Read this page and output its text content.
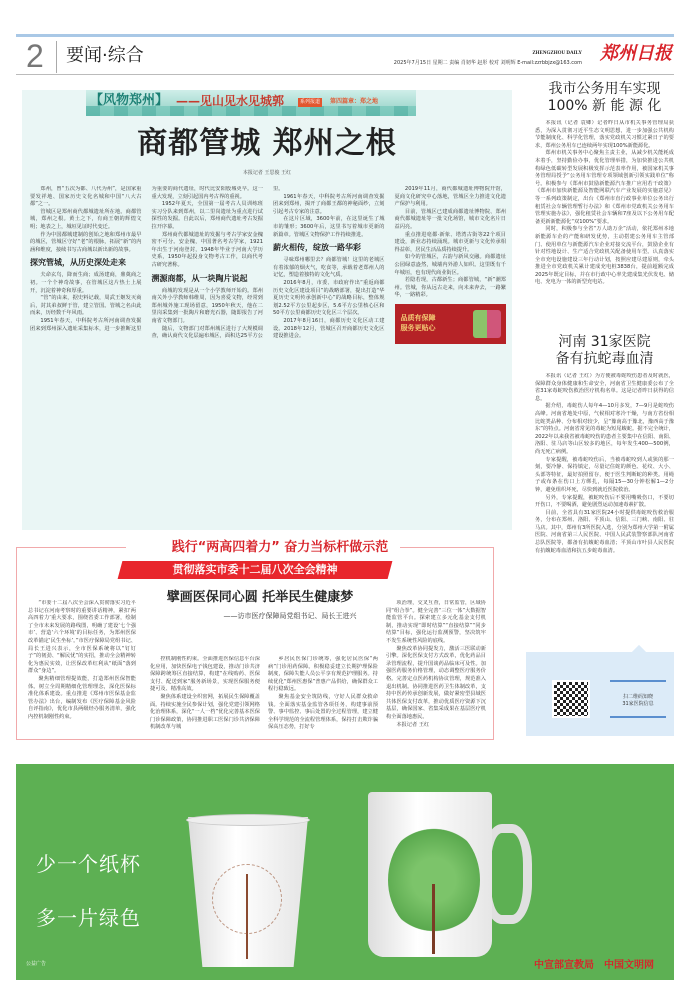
2 要闻·综合	ZHENGZHOU DAILY
2025年7月15日 星期二 责编 肖韧华 赵彤 校对 刘明辉 E-mail:zzrbbjzx@163.com 郑州日报
【风物郑州】 ——见山见水见城郭	系列报道	第四篇章：郑之地
商都管城 郑州之根
本报记者 王思俊 王红

郑州，曾“五次为都、八代为州”，是国家重要发祥地、国家历史文化名城和中国“八大古都”之一。

管城区是郑州商代都城遗址所在地。商都管城，郑州之根。黄土之下，有商王朝的辉煌文明；地表之上，城垣见证时代变迁。

作为中国都城建制的创始之地和郑州市最早的城区，管城区守好“老”的根脉，拓展“新”的内涵和维度，接续书写古商城以新出新的故事。

探究管城，从历史深处走来

夫命玄鸟，降而生商；成汤建商，鼎奠商之初。一个个神奇故事，在管城区这片热土上展开，沉淀着神奇和厚重。

“管”的由来，据史料记载，周武王姬发灭商后，封其弟叔鲜于管，建立管国。管城之名由此而来，历经数千年风雨。

1951年春天，中科院考古所河南调查发掘团来到郑州深入遗址采集标本，进一步推断这里为重要的商代遗址，时代比安阳殷墟更早。这一重大发现，立刻引起国内考古界的重视。

1952年夏天，全国第一届考古人员训练班实习分队来到郑州，以二里岗遗址为重点进行试探性的发掘。自此以后，郑州商代遗址考古发掘拉开序幕。

郑州商代都城遗址的发掘与考古学家安金槐密不可分。安金槐，中国著名考古学家，1921年出生于河南登封，1948年毕业于河南大学历史系，1950年起投身文物考古工作，以商代考古研究著称。

溯源商都，从一块陶片说起

商城的发现是从一个小学教师开始的。郑州南关外小学教师韩维周，因为喜爱文物，经常到郑州城外施工现场留意，1950年秋天，他在二里岗采集到一批陶片和磨光石器，随即报告了河南省文物部门。

随后，文物部门对郑州城区进行了大规模调查，确认商代文化层遍布城区，面积达25平方公里。

1961年春天，中科院考古所河南调查发掘团来到郑州，揭开了商都王都的神秘面纱，立刻引起考古专家的注意。

在这片区域，3600年前，在这里诞生了城市的雏形；3600年后，这里书写着城市更新的新篇章。管城区文物保护工作持续推进。

薪火相传，绽放一路华彩

寻味郑州哪里去？商都管城！这里的老城区有着浓郁的烟火气，吃食等，承载着老郑州人的记忆，塑造着独特的文化气质。

2016年8月，市委、市政府作出“重返商都历史文化区建设项目”的战略部署，提出打造“华夏历史文明传承创新中心”的战略目标，整体规划2.52平方公里起步区，5.6平方公里核心区和50平方公里商都历史文化区三个层次。

2017年8月16日，商都历史文化区动工建设。2018年12月，管城区召开商都历史文化区建设推进会。

2019年11月，商代都城遗址博物院开馆，夏商文化研究中心落地，管城区全力推进文化遗产保护与利用。

目前，管城区已建成商都遗址博物院、郑州商代都城遗址等一批文化场馆，城市文化名片日益闪亮。

重点推进亳都·新象、塔湾古街等22个项目建设，新业态持续涌现。城市更新与文化传承相得益彰，居民生活品质持续提升。

如今的管城区，古韵与新风交融。商都遗址公园绿意盎然，城墙内外游人如织。这里既有千年城垣，也有现代商业街区。

若隐若现，古都新生；商都管城，“新”潮郑州。管城，你从远古走来，向未来奔去，一路繁华，一路精彩。

品质有保障
服务更贴心
我市公务用车实现
100% 新 能 源 化

本报讯（记者 袁卿）记者昨日从市机关事务管理局获悉，为深入贯彻习近平生态文明思想，进一步加强公共机构节能制度化、科学化管理，落实党政机关习惯过紧日子的要求，郑州公务用车已连续两年实现100%新能源化。

郑州市机关事务中心聚焦主责主业，从减少机关能耗成本着手，坚持勤俭办事，优化管理举措，为加快推进公共机构绿色低碳转型发展积极发挥示范表率作用，被国家机关事务管理局授予“公务用车管理专项领域创新引领实践单位”称号。积极参与《郑州市鼓励新能源汽车推广应用若干政策》《郑州市加快新能源及智能网联汽车产业发展的实施意见》等一系列政策制定，出台《郑州市直行政事业单位公务出行租赁社会车辆管理暂行办法》和《郑州市党政机关公务用车管理实施办法》，强化租赁社会车辆和7座及以下公务用车配备更新新能源化“双100%”要求。

同时，积极参与全省“万人助万企”活动，依托郑州本地新能源车企的产能和研发优势，主动搭建公务用车主管部门、使用单位与新能源汽车企业对接交流平台，鼓励企业有针对性地设计、生产适合党政机关配备使用车型。认真落实全市充电设施建设三年行动计划，按照应建尽建原则，牵头推进全市党政机关累计建成充电桩3838台，提前超额完成2025年既定目标，并在市行政中心率先建成集光伏发电、储电、充电为一体的新型充电站。

河南 31家医院
备有抗蛇毒血清

本报讯（记者 王红）为方便被毒蛇咬伤患者及时就医，保障群众身体健康和生命安全，河南省卫生健康委公布了全省31家毒蛇咬伤救治医疗机构名单。这是记者昨日获得的信息。

据介绍，毒蛇伤人每年4—10月多发，7—9月是蛇咬伤高峰。河南省地处中原，气候相对寒冷干燥，与南方省份相比蛇类品种、分布相对较少，呈“豫南高于豫北，豫西高于豫东”的特点。河南省常见的毒蛇为短尾蝮蛇。据不完全统计，2022年以来我省被毒蛇咬伤的患者主要集中在信阳、南阳、洛阳、驻马店等山区较多的地区，每年发生400—500例，尚无死亡病例。

专家提醒，被毒蛇咬伤后，当被毒蛇咬到人或狭的那一刻，要冷静、保持镇定，尽量记住蛇的颜色、花纹、大小、头部等特征，最好拍照留存，便于医生判断蛇的种类。用绳子或布条在伤口上方绑扎，每隔15—30分钟松解1—2分钟，避免组织坏死，尽快到就近医院救治。

另外，专家提醒，被蛇咬伤后不要用嘴吸伤口，不要切开伤口，不要喝酒，避免剧烈运动加速毒素扩散。

目前，全省具有31家医院24小时提供毒蛇咬伤救治服务，分布在郑州、洛阳、平顶山、信阳、三门峡、南阳、驻马店。其中，郑州有3所医院入选，分别为郑州大学第一附属医院、河南省第三人民医院、中国人民武装警察部队河南省总队医院等，都备有抗蝮蛇毒血清；平顶山市叶县人民医院有抗蝮蛇毒血清和抗五步蛇毒血清。

扫二维码知晓
31家医院信息
践行“两高四着力” 奋力当标杆做示范
贯彻落实市委十二届八次全会精神
擘画医保同心圆 托举民生健康梦
——访市医疗保障局党组书记、局长王进兴

“市委十二届八次全会深入贯彻落实习近平总书记在河南考察时的重要讲话精神，紧扣‘两高四着力’重大要求，围绕省委工作部署，绘制了全市未来发展的路线图，明确了建设‘七个强市’、营造‘六个环境’的目标任务，为郑州医保改革锚定‘民生坐标’。”市医疗保障局党组书记、局长王进兴表示，全市医保系统将以“钉钉子”的韧劲、“解民忧”的实招，推动全会精神转化为惠民实效，让医保改革红利从“纸面”落到群众“身边”。

聚焦精细管理提效能，打造郑州医保智能体。树立全周期精细化管理理念，深化医保标准化体系建设。重点推进《郑州市医保基金监管办法》出台，编制发布《医疗保障基金风险自评指南》，优化市县两级经办服务清单，强化内控机制刚性约束。

控机制刚性约束。全面推进医保信息平台深化应用，加快医保电子钱包建设，推动门诊共济保障跨统筹区直接结算，构建“在线购药、医保支付、配送到家”服务新场景，实现医保服务便捷可及、精准高效。

聚焦体系建设全织密网，拓展民生保障覆盖面。持续实施全民参保计划，强化党建引领网格化治理体系，深化“一人一档”优化完善基本医保门诊保障政策，协同推进职工医保门诊共济保障机制改革与城

乡居民医保门诊统筹，强化居民医保“两病”门诊用药保障。积极稳妥建立长期护理保险制度，保障失能人员公平享有规范护理服务。持续优化“郑州医惠保”普惠产品供给，确保群众工程行稳致远。

聚焦基金安全筑防线，守好人民群众救命钱。全面落实基金监管各项任务，构建事前预警、事中监控、事后处置的全过程管理，建立健全科学规范的全流程管理体系，保持打击欺诈骗保高压态势，打好专

项治理，交叉互查，日常监管，区域协同“组合拳”。健全完善“三位一体”大数据智能监管平台。探索建立多元化基金支付机制，推动实现“即时结算”“直接结算”“同步结算”目标，强化运行监测预警，坚决筑牢不发生系统性风险的底线。

聚焦改革协同提发力，激活三医联动新引擎。深化医保支付方式改革，优化药品目录管理流程，提升国谈药品临床可及性。加强医药服务价格管理，动态调整医疗服务价格。完善定点医药机构协议管理，规范准入退出机制。协同推进医药卫生体制改革，支持中医药传承创新发展，做好紧密型县域医共体医保支付改革，推动优质医疗资源下沉基层，确保国家、省集采成果在基层医疗机构全面落地惠民。

本报记者 王红

少一个纸杯
多一片绿色
公益广告	中宣部宣教局　中国文明网
